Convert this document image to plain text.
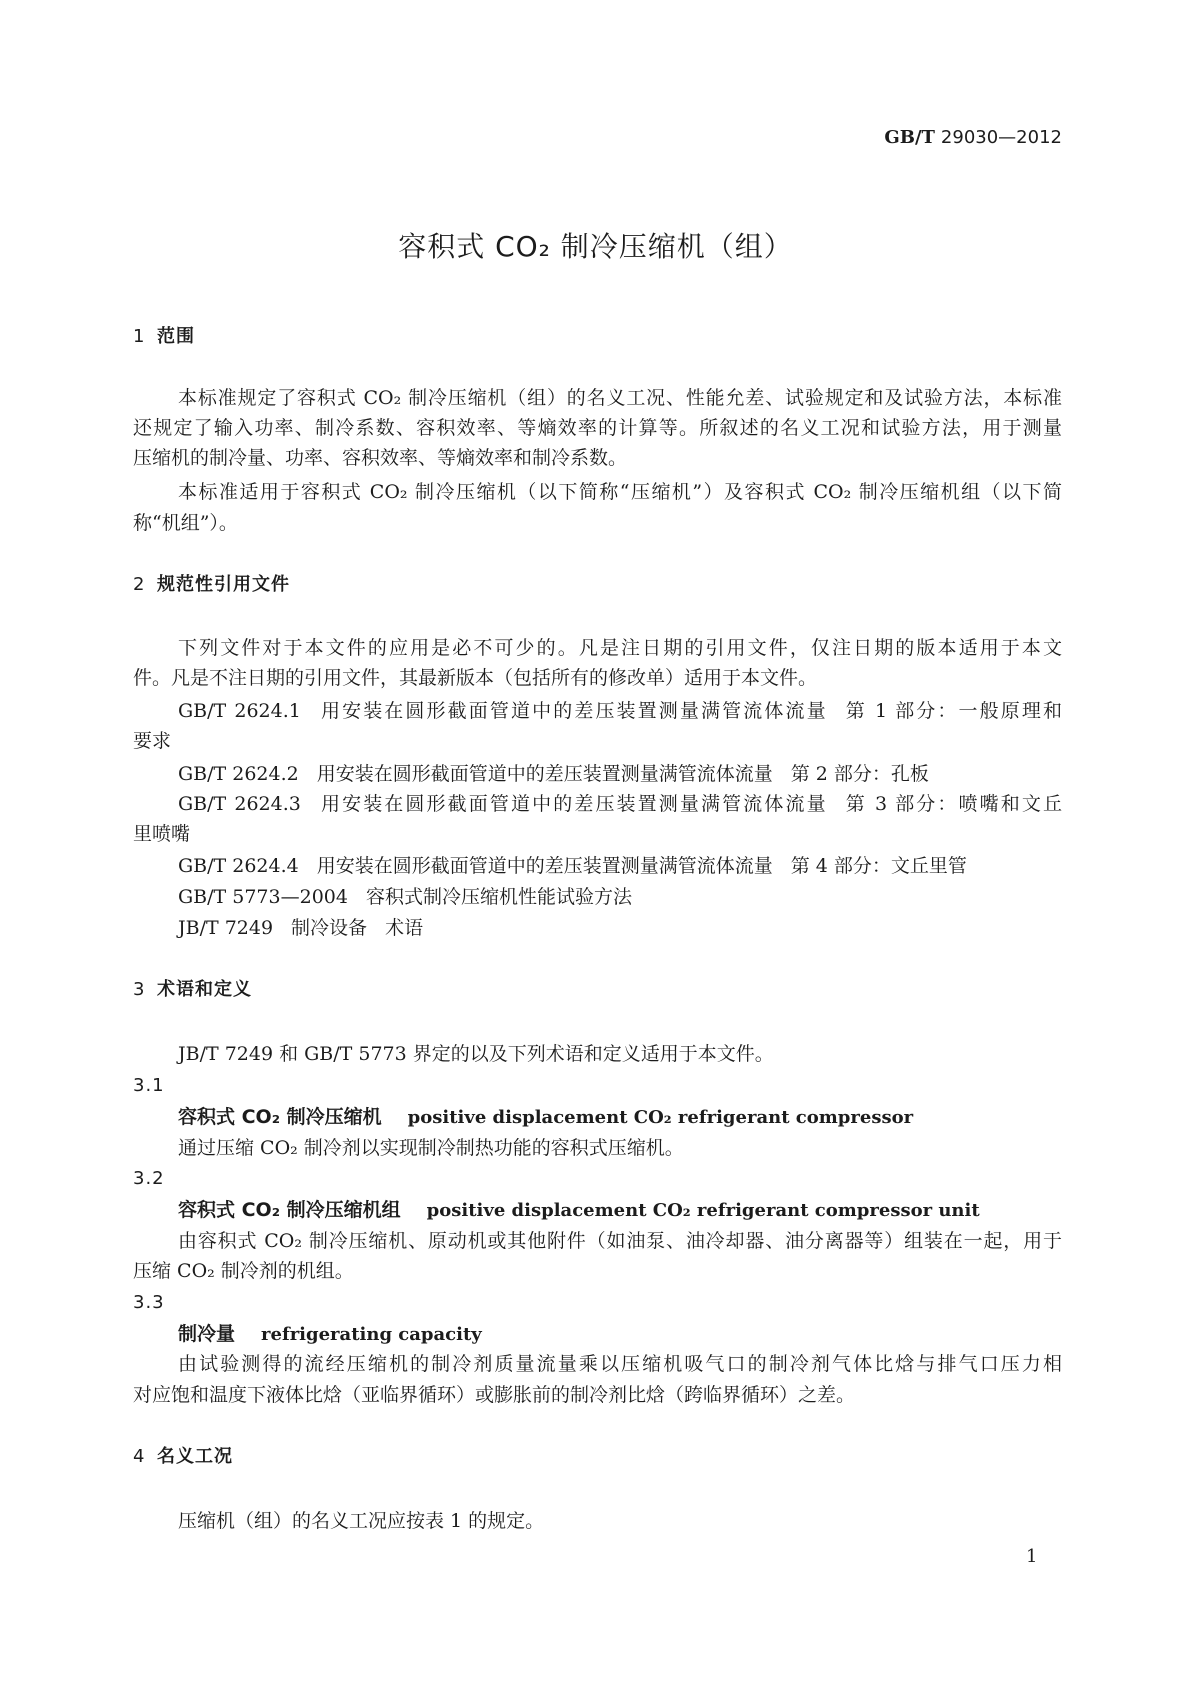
GB/T 29030—2012
容积式 CO₂ 制冷压缩机（组）
1 范围
本标准规定了容积式 CO₂ 制冷压缩机（组）的名义工况、性能允差、试验规定和及试验方法，本标准
还规定了输入功率、制冷系数、容积效率、等熵效率的计算等。所叙述的名义工况和试验方法，用于测量
压缩机的制冷量、功率、容积效率、等熵效率和制冷系数。
本标准适用于容积式 CO₂ 制冷压缩机（以下简称“压缩机”）及容积式 CO₂ 制冷压缩机组（以下简
称“机组”）。
2 规范性引用文件
下列文件对于本文件的应用是必不可少的。凡是注日期的引用文件，仅注日期的版本适用于本文
件。凡是不注日期的引用文件，其最新版本（包括所有的修改单）适用于本文件。
GB/T 2624.1 用安装在圆形截面管道中的差压装置测量满管流体流量 第 1 部分：一般原理和
要求
GB/T 2624.2 用安装在圆形截面管道中的差压装置测量满管流体流量 第 2 部分：孔板
GB/T 2624.3 用安装在圆形截面管道中的差压装置测量满管流体流量 第 3 部分：喷嘴和文丘
里喷嘴
GB/T 2624.4 用安装在圆形截面管道中的差压装置测量满管流体流量 第 4 部分：文丘里管
GB/T 5773—2004 容积式制冷压缩机性能试验方法
JB/T 7249 制冷设备 术语
3 术语和定义
JB/T 7249 和 GB/T 5773 界定的以及下列术语和定义适用于本文件。
3.1
容积式 CO₂ 制冷压缩机 positive displacement CO₂ refrigerant compressor
通过压缩 CO₂ 制冷剂以实现制冷制热功能的容积式压缩机。
3.2
容积式 CO₂ 制冷压缩机组 positive displacement CO₂ refrigerant compressor unit
由容积式 CO₂ 制冷压缩机、原动机或其他附件（如油泵、油冷却器、油分离器等）组装在一起，用于
压缩 CO₂ 制冷剂的机组。
3.3
制冷量 refrigerating capacity
由试验测得的流经压缩机的制冷剂质量流量乘以压缩机吸气口的制冷剂气体比焓与排气口压力相
对应饱和温度下液体比焓（亚临界循环）或膨胀前的制冷剂比焓（跨临界循环）之差。
4 名义工况
压缩机（组）的名义工况应按表 1 的规定。
1
